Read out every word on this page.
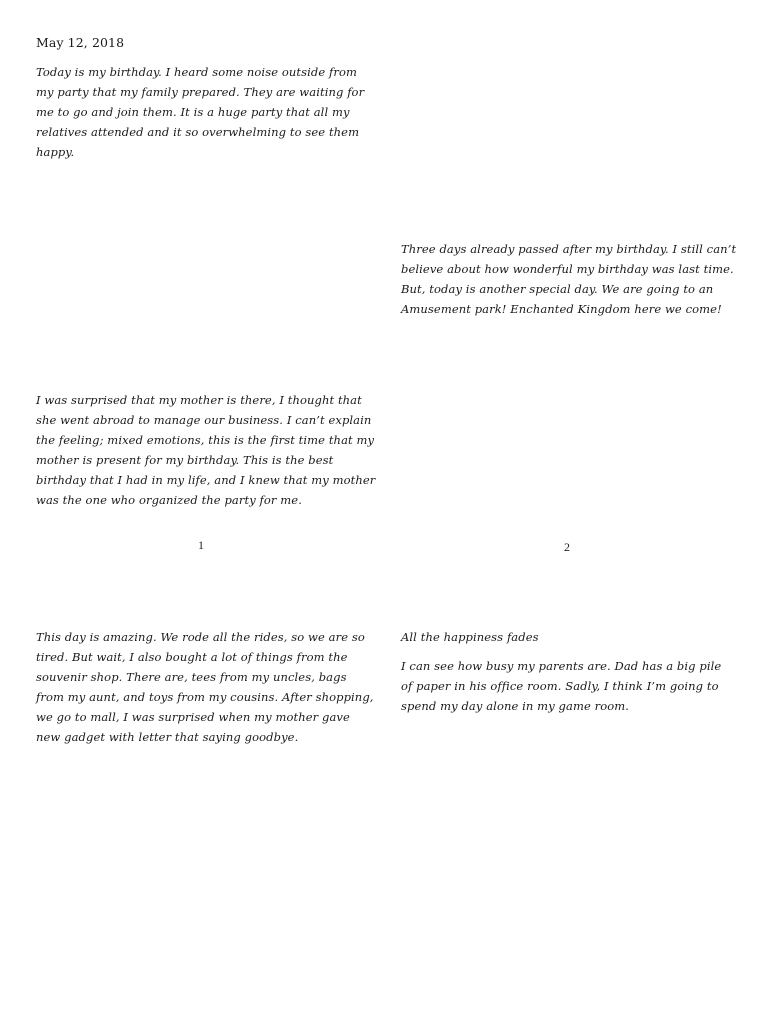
May 12, 2018

Today is my birthday. I heard some noise outside from my party that my family prepared. They are waiting for me to go and join them. It is a huge party that all my relatives attended and it so overwhelming to see them happy.

I was surprised that my mother is there, I thought that she went abroad to manage our business. I can’t explain the feeling; mixed emotions, this is the first time that my mother is present for my birthday. This is the best birthday that I had in my life, and I knew that my mother was the one who organized the party for me.

1

Three days already passed after my birthday. I still can’t believe about how wonderful my birthday was last time. But, today is another special day. We are going to an Amusement park! Enchanted Kingdom here we come!

2

This day is amazing. We rode all the rides, so we are so tired. But wait, I also bought a lot of things from the souvenir shop. There are, tees from my uncles, bags from my aunt, and toys from my cousins. After shopping, we go to mall, I was surprised when my mother gave new gadget with letter that saying goodbye.

All the happiness fades

I can see how busy my parents are. Dad has a big pile of paper in his office room. Sadly, I think I’m going to spend my day alone in my game room.
